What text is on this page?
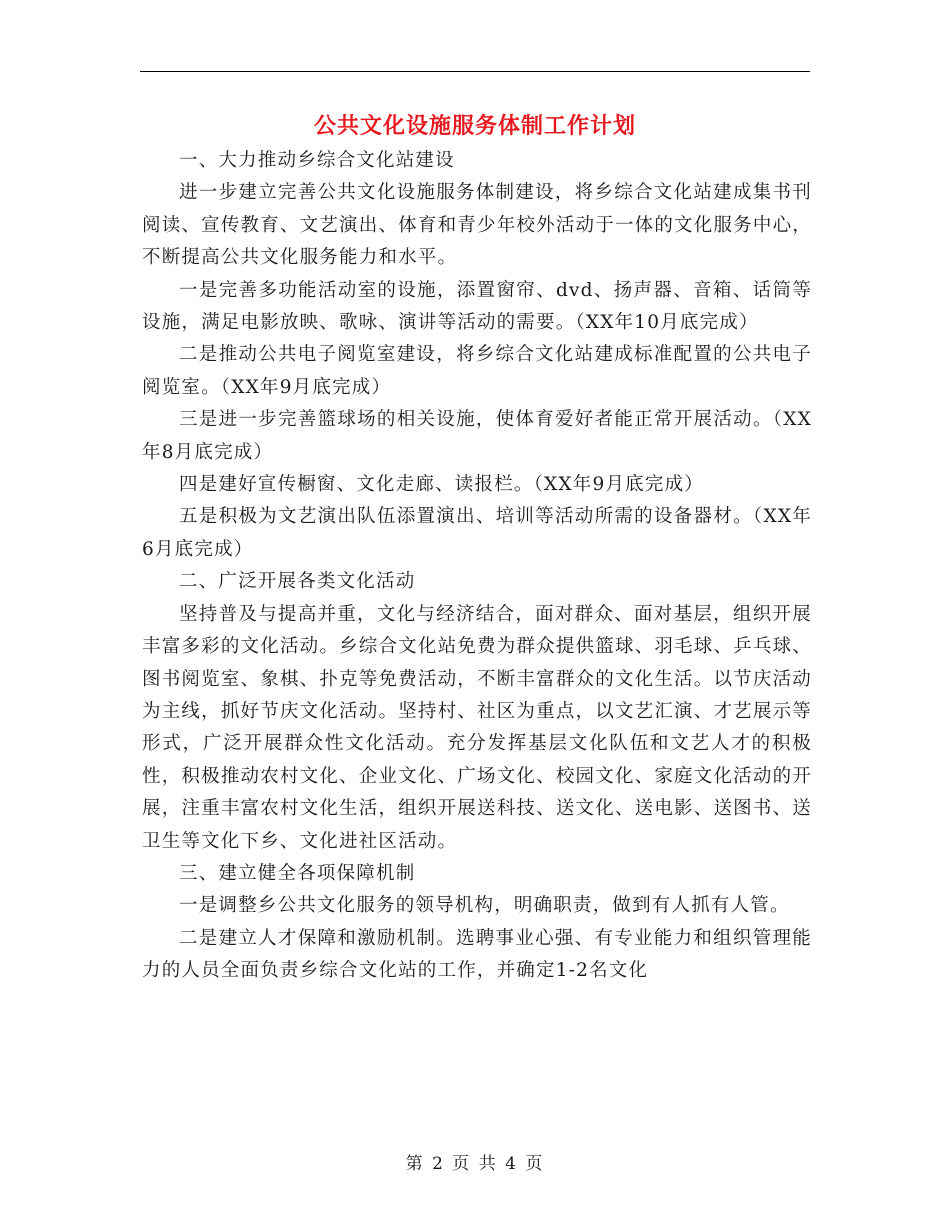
公共文化设施服务体制工作计划

一、大力推动乡综合文化站建设

进一步建立完善公共文化设施服务体制建设，将乡综合文化站建成集书刊阅读、宣传教育、文艺演出、体育和青少年校外活动于一体的文化服务中心，不断提高公共文化服务能力和水平。

一是完善多功能活动室的设施，添置窗帘、dvd、扬声器、音箱、话筒等设施，满足电影放映、歌咏、演讲等活动的需要。（XX年10月底完成）

二是推动公共电子阅览室建设，将乡综合文化站建成标准配置的公共电子阅览室。（XX年9月底完成）

三是进一步完善篮球场的相关设施，使体育爱好者能正常开展活动。（XX年8月底完成）

四是建好宣传橱窗、文化走廊、读报栏。（XX年9月底完成）

五是积极为文艺演出队伍添置演出、培训等活动所需的设备器材。（XX年6月底完成）

二、广泛开展各类文化活动

坚持普及与提高并重，文化与经济结合，面对群众、面对基层，组织开展丰富多彩的文化活动。乡综合文化站免费为群众提供篮球、羽毛球、乒乓球、图书阅览室、象棋、扑克等免费活动，不断丰富群众的文化生活。以节庆活动为主线，抓好节庆文化活动。坚持村、社区为重点，以文艺汇演、才艺展示等形式，广泛开展群众性文化活动。充分发挥基层文化队伍和文艺人才的积极性，积极推动农村文化、企业文化、广场文化、校园文化、家庭文化活动的开展，注重丰富农村文化生活，组织开展送科技、送文化、送电影、送图书、送卫生等文化下乡、文化进社区活动。

三、建立健全各项保障机制

一是调整乡公共文化服务的领导机构，明确职责，做到有人抓有人管。

二是建立人才保障和激励机制。选聘事业心强、有专业能力和组织管理能力的人员全面负责乡综合文化站的工作，并确定1-2名文化

第 2 页 共 4 页
